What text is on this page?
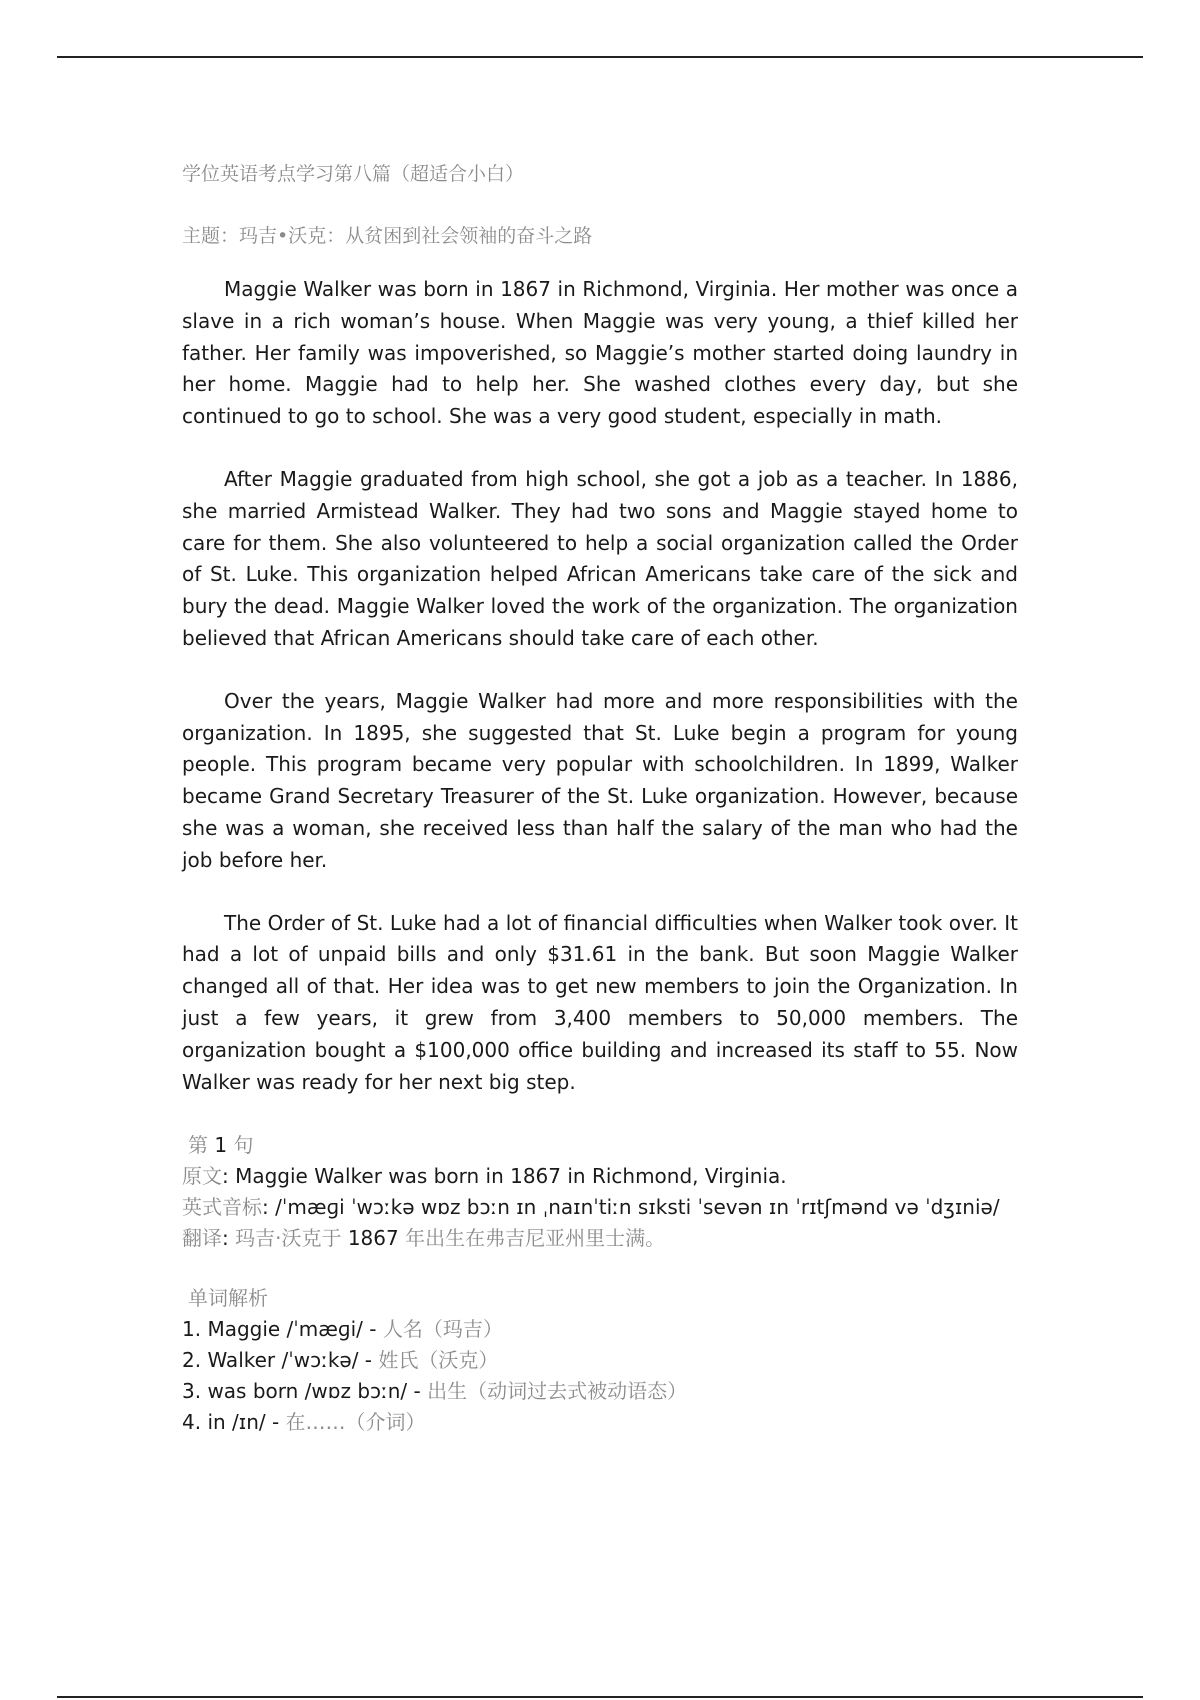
学位英语考点学习第八篇（超适合小白）

主题：玛吉•沃克：从贫困到社会领袖的奋斗之路

Maggie Walker was born in 1867 in Richmond, Virginia. Her mother was once a slave in a rich woman’s house. When Maggie was very young, a thief killed her father. Her family was impoverished, so Maggie’s mother started doing laundry in her home. Maggie had to help her. She washed clothes every day, but she continued to go to school. She was a very good student, especially in math.

After Maggie graduated from high school, she got a job as a teacher. In 1886, she married Armistead Walker. They had two sons and Maggie stayed home to care for them. She also volunteered to help a social organization called the Order of St. Luke. This organization helped African Americans take care of the sick and bury the dead. Maggie Walker loved the work of the organization. The organization believed that African Americans should take care of each other.

Over the years, Maggie Walker had more and more responsibilities with the organization. In 1895, she suggested that St. Luke begin a program for young people. This program became very popular with schoolchildren. In 1899, Walker became Grand Secretary Treasurer of the St. Luke organization. However, because she was a woman, she received less than half the salary of the man who had the job before her.

The Order of St. Luke had a lot of financial difficulties when Walker took over. It had a lot of unpaid bills and only $31.61 in the bank. But soon Maggie Walker changed all of that. Her idea was to get new members to join the Organization. In just a few years, it grew from 3,400 members to 50,000 members. The organization bought a $100,000 office building and increased its staff to 55. Now Walker was ready for her next big step.

第 1 句

原文: Maggie Walker was born in 1867 in Richmond, Virginia.

英式音标: /ˈmæɡi ˈwɔːkə wɒz bɔːn ɪn ˌnaɪnˈtiːn sɪksti ˈsevən ɪn ˈrɪtʃmənd və ˈdʒɪniə/

翻译: 玛吉·沃克于 1867 年出生在弗吉尼亚州里士满。

单词解析

1. Maggie /ˈmæɡi/ - 人名（玛吉）

2. Walker /ˈwɔːkə/ - 姓氏（沃克）

3. was born /wɒz bɔːn/ - 出生（动词过去式被动语态）

4. in /ɪn/ - 在……（介词）
